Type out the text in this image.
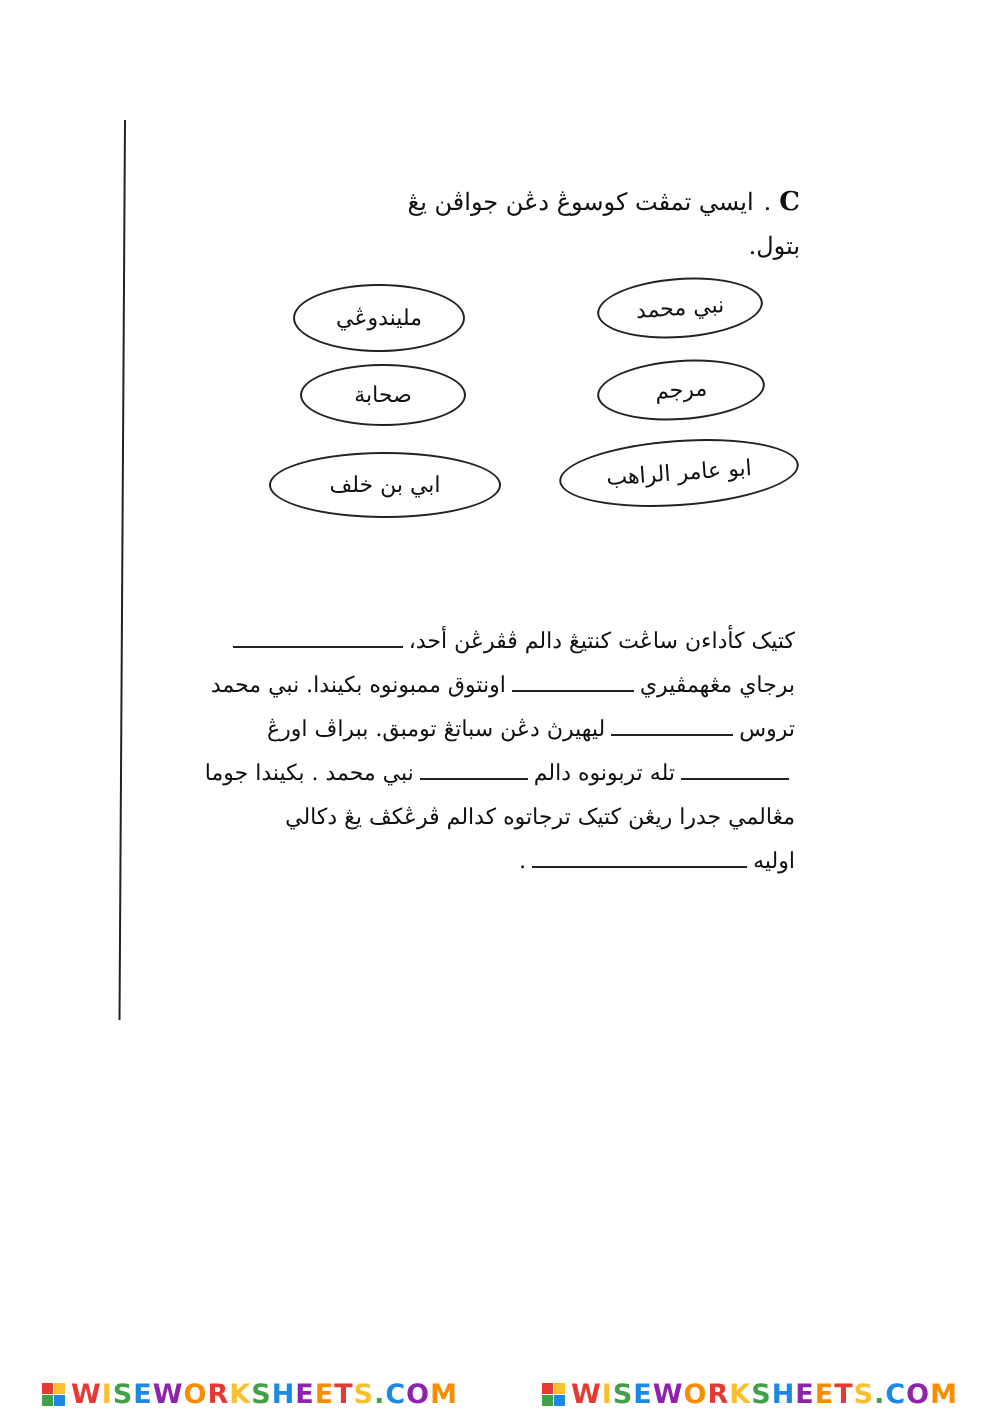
C.ايسي تمڤت كوسوڠ دڠن جواڤن يڠ بتول.
نبي محمد
مليندوڠي
مرجم
صحابة
ابو عامر الراهب
ابي بن خلف
كتيک كأداءن ساڠت كنتيڠ دالم ڤڤرڠن أحد،
برجاي مڠهمڤيرياونتوق ممبونوه بكيندا. نبي محمد
تروسليهيرڽ دڠن سباتڠ تومبق. ببراڤ اورڠ
تله تربونوه دالمنبي محمد . بكيندا جوما
مڠالمي جدرا ريڠن كتيک ترجاتوه كدالم ڤرڠكڤ يڠ دکالي
اوليه.
WISEWORKSHEETS.COM	WISEWORKSHEETS.COM
